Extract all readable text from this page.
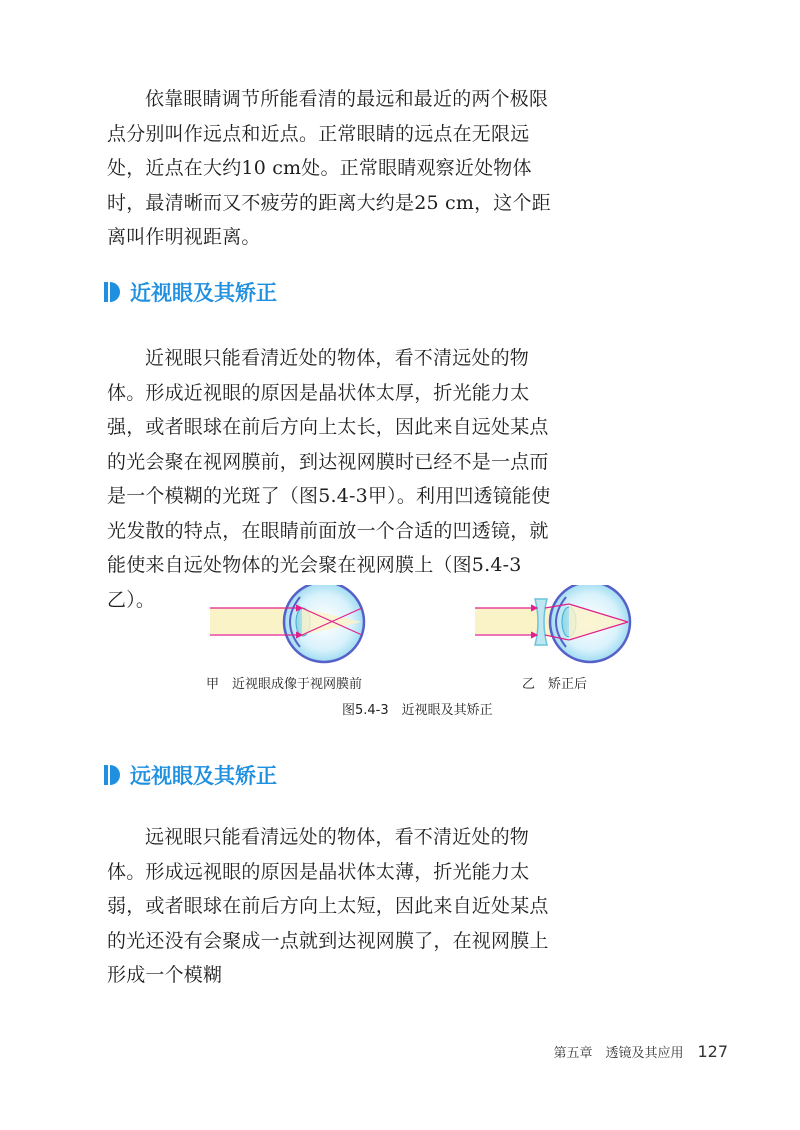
依靠眼睛调节所能看清的最远和最近的两个极限点分别叫作远点和近点。正常眼睛的远点在无限远处，近点在大约10 cm处。正常眼睛观察近处物体时，最清晰而又不疲劳的距离大约是25 cm，这个距离叫作明视距离。

近视眼及其矫正

近视眼只能看清近处的物体，看不清远处的物体。形成近视眼的原因是晶状体太厚，折光能力太强，或者眼球在前后方向上太长，因此来自远处某点的光会聚在视网膜前，到达视网膜时已经不是一点而是一个模糊的光斑了（图5.4-3甲）。利用凹透镜能使光发散的特点，在眼睛前面放一个合适的凹透镜，就能使来自远处物体的光会聚在视网膜上（图5.4-3乙）。

甲　近视眼成像于视网膜前	乙　矫正后
图5.4-3　近视眼及其矫正
远视眼及其矫正

远视眼只能看清远处的物体，看不清近处的物体。形成远视眼的原因是晶状体太薄，折光能力太弱，或者眼球在前后方向上太短，因此来自近处某点的光还没有会聚成一点就到达视网膜了，在视网膜上形成一个模糊

第五章　透镜及其应用 127
